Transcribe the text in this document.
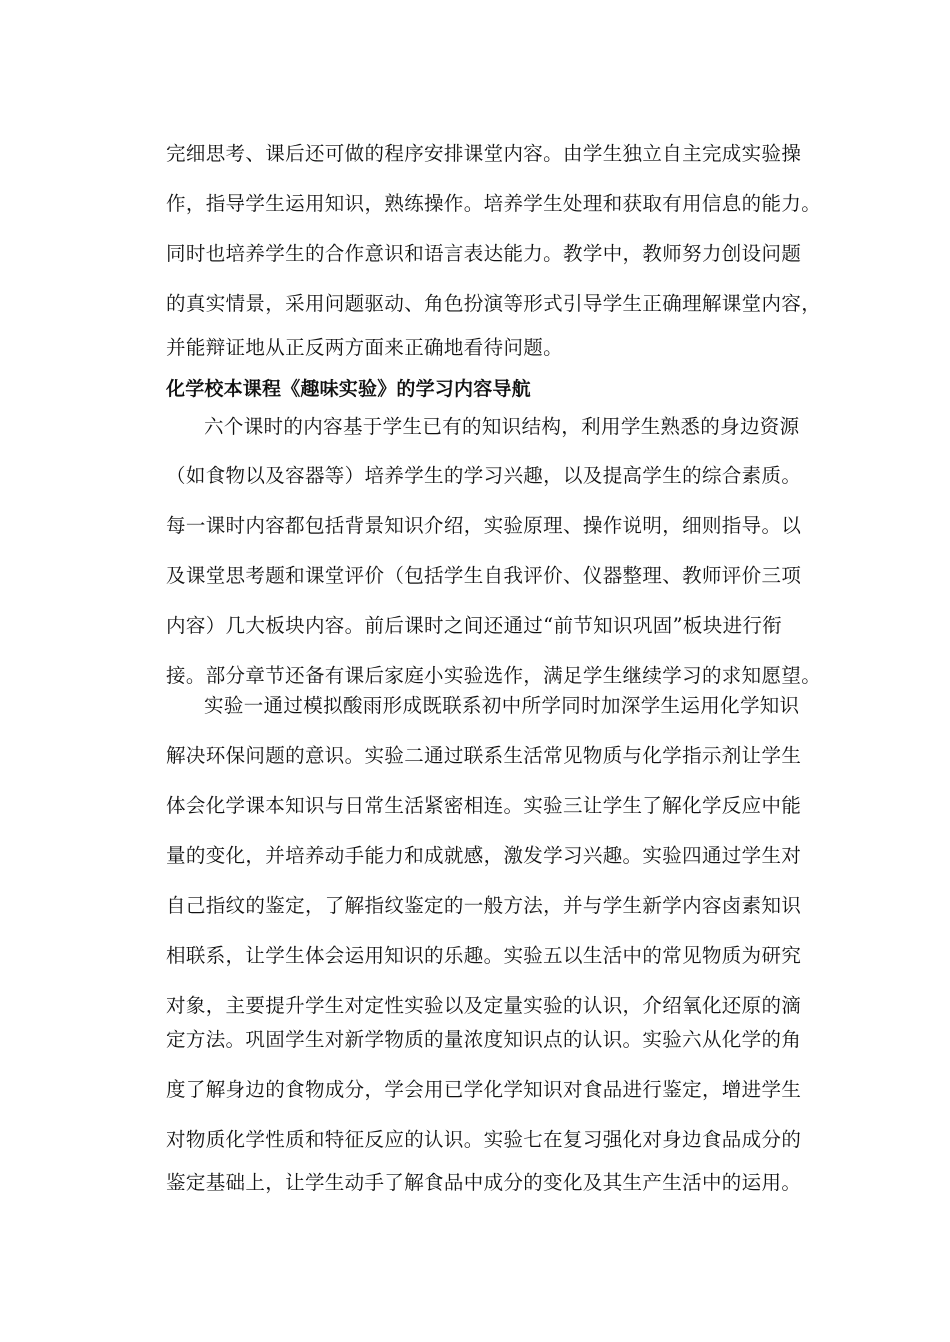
完细思考、课后还可做的程序安排课堂内容。由学生独立自主完成实验操
作，指导学生运用知识，熟练操作。培养学生处理和获取有用信息的能力。
同时也培养学生的合作意识和语言表达能力。教学中，教师努力创设问题
的真实情景，采用问题驱动、角色扮演等形式引导学生正确理解课堂内容，
并能辩证地从正反两方面来正确地看待问题。
化学校本课程《趣味实验》的学习内容导航
六个课时的内容基于学生已有的知识结构，利用学生熟悉的身边资源
（如食物以及容器等）培养学生的学习兴趣，以及提高学生的综合素质。
每一课时内容都包括背景知识介绍，实验原理、操作说明，细则指导。以
及课堂思考题和课堂评价（包括学生自我评价、仪器整理、教师评价三项
内容）几大板块内容。前后课时之间还通过“前节知识巩固”板块进行衔
接。部分章节还备有课后家庭小实验选作，满足学生继续学习的求知愿望。
实验一通过模拟酸雨形成既联系初中所学同时加深学生运用化学知识
解决环保问题的意识。实验二通过联系生活常见物质与化学指示剂让学生
体会化学课本知识与日常生活紧密相连。实验三让学生了解化学反应中能
量的变化，并培养动手能力和成就感，激发学习兴趣。实验四通过学生对
自己指纹的鉴定，了解指纹鉴定的一般方法，并与学生新学内容卤素知识
相联系，让学生体会运用知识的乐趣。实验五以生活中的常见物质为研究
对象，主要提升学生对定性实验以及定量实验的认识，介绍氧化还原的滴
定方法。巩固学生对新学物质的量浓度知识点的认识。实验六从化学的角
度了解身边的食物成分，学会用已学化学知识对食品进行鉴定，增进学生
对物质化学性质和特征反应的认识。实验七在复习强化对身边食品成分的
鉴定基础上，让学生动手了解食品中成分的变化及其生产生活中的运用。
